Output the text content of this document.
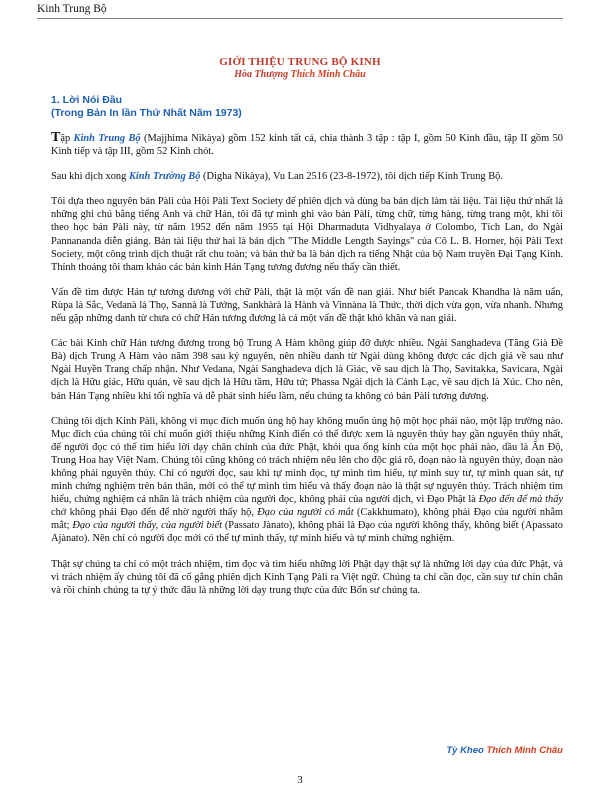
Kinh Trung Bộ
GIỚI THIỆU TRUNG BỘ KINH
Hòa Thượng Thích Minh Châu
1. Lời Nói Đầu
(Trong Bản In lần Thứ Nhất Năm 1973)

Tập Kinh Trung Bộ (Majjhima Nikàya) gồm 152 kinh tất cả, chia thành 3 tập : tập I, gồm 50 Kinh đầu, tập II gồm 50 Kinh tiếp và tập III, gồm 52 Kinh chót.

Sau khi dịch xong Kinh Trường Bộ (Digha Nikàya), Vu Lan 2516 (23-8-1972), tôi dịch tiếp Kinh Trung Bộ.

Tôi dựa theo nguyên bản Pàli của Hội Pàli Text Society để phiên dịch và dùng ba bản dịch làm tài liệu. Tài liệu thứ nhất là những ghi chú bằng tiếng Anh và chữ Hán, tôi đã tự mình ghi vào bản Pàli, từng chữ, từng hàng, từng trang một, khi tôi theo học bản Pàli này, từ năm 1952 đến năm 1955 tại Hội Dharmaduta Vidhyalaya ở Colombo, Tích Lan, do Ngài Pannananda diễn giảng. Bản tài liệu thứ hai là bản dịch "The Middle Length Sayings" của Cô L. B. Horner, hội Pàli Text Society, một công trình dịch thuật rất chu toàn; và bản thứ ba là bản dịch ra tiếng Nhật của bộ Nam truyền Đại Tạng Kinh. Thỉnh thoảng tôi tham khảo các bản kinh Hán Tạng tương đương nếu thấy cần thiết.

Vấn đề tìm được Hán tự tương đương với chữ Pàli, thật là một vấn đề nan giải. Như biết Pancak Khandha là năm uẩn, Rùpa là Sắc, Vedanà là Thọ, Sannà là Tưởng, Sankhàrà là Hành và Vinnàna là Thức, thời dịch vừa gọn, vừa nhanh. Nhưng nếu gặp những danh từ chưa có chữ Hán tương đương là cả một vấn đề thật khó khăn và nan giải.

Các bài Kinh chữ Hán tương đương trong bộ Trung A Hàm không giúp đỡ được nhiều. Ngài Sanghadeva (Tăng Già Đề Bà) dịch Trung A Hàm vào năm 398 sau kỷ nguyên, nên nhiều danh từ Ngài dùng không được các dịch giả về sau như Ngài Huyền Trang chấp nhận. Như Vedana, Ngài Sanghadeva dịch là Giác, về sau dịch là Thọ, Savitakka, Savicara, Ngài dịch là Hữu giác, Hữu quán, về sau dịch là Hữu tầm, Hữu tứ; Phassa Ngài dịch là Cánh Lạc, về sau dịch là Xúc. Cho nên, bản Hán Tạng nhiều khi tối nghĩa và dễ phát sinh hiểu lầm, nếu chúng ta không có bản Pàli tương đương.

Chúng tôi dịch Kinh Pàli, không vì mục đích muốn ủng hộ hay không muốn ủng hộ một học phái nào, một lập trường nào. Mục đích của chúng tôi chỉ muốn giới thiệu những Kinh điển có thể được xem là nguyên thủy hay gần nguyên thủy nhất, để người đọc có thể tìm hiểu lời dạy chân chính của đức Phật, khỏi qua ống kính của một học phái nào, dầu là Ấn Độ, Trung Hoa hay Việt Nam. Chúng tôi cũng không có trách nhiệm nêu lên cho độc giả rõ, đoạn nào là nguyên thủy, đoạn nào không phải nguyên thủy. Chỉ có người đọc, sau khi tự mình đọc, tự mình tìm hiểu, tự mình suy tư, tự mình quan sát, tự mình chứng nghiệm trên bản thân, mới có thể tự mình tìm hiểu và thấy đoạn nào là thật sự nguyên thủy. Trách nhiệm tìm hiểu, chứng nghiệm cá nhân là trách nhiệm của người đọc, không phải của người dịch, vì Đạo Phật là Đạo đến để mà thấy chớ không phải Đạo đến để nhờ người thấy hộ, Đạo của người có mắt (Cakkhumato), không phải Đạo của người nhắm mắt; Đạo của người thấy, của người biết (Passato Jànato), không phải là Đạo của người không thấy, không biết (Apassato Ajànato). Nên chỉ có người đọc mới có thể tự mình thấy, tự mình hiểu và tự mình chứng nghiệm.

Thật sự chúng ta chỉ có một trách nhiệm, tìm đọc và tìm hiểu những lời Phật dạy thật sự là những lời dạy của đức Phật, và vì trách nhiệm ấy chúng tôi đã cố gắng phiên dịch Kinh Tạng Pàli ra Việt ngữ. Chúng ta chỉ cần đọc, cần suy tư chín chắn và rồi chính chúng ta tự ý thức đâu là những lời dạy trung thực của đức Bổn sư chúng ta.

Tỳ Kheo Thích Minh Châu
3
